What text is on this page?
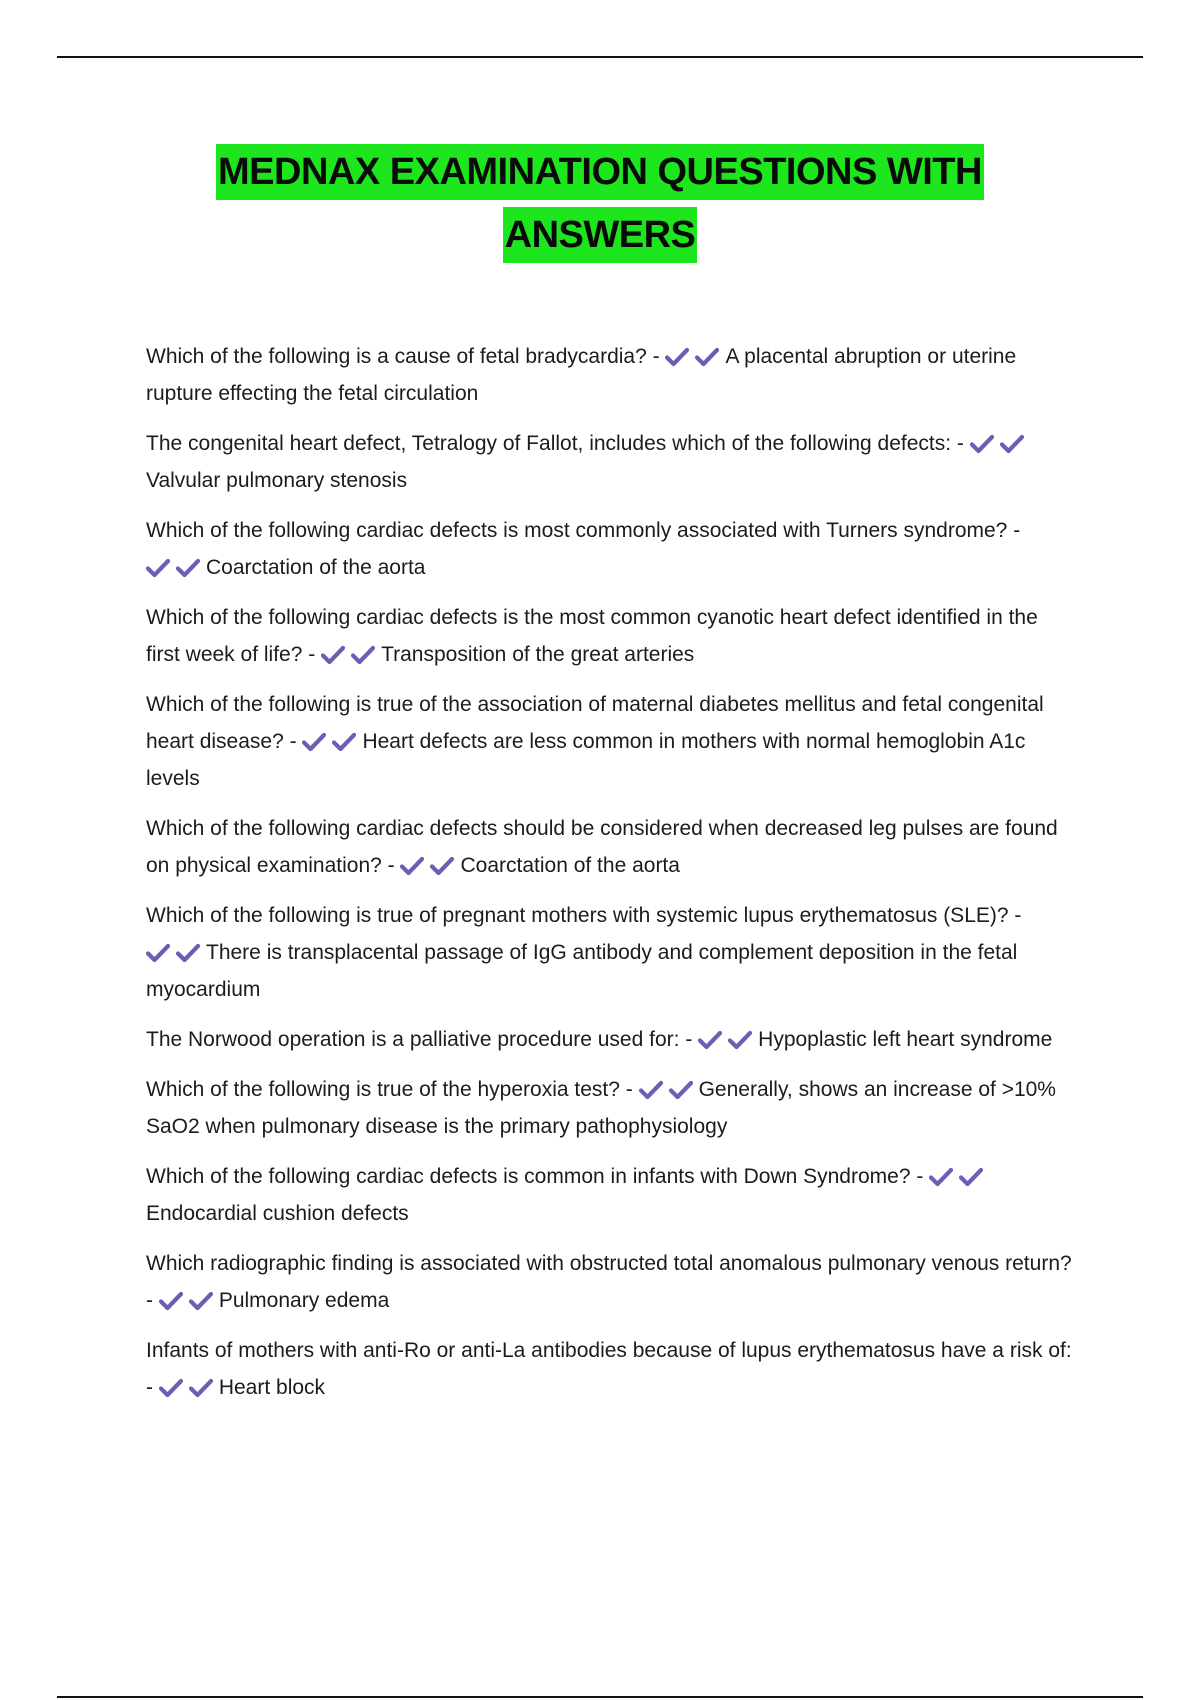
MEDNAX EXAMINATION QUESTIONS WITH
ANSWERS
Which of the following is a cause of fetal bradycardia? -	A placental abruption or uterine rupture effecting the fetal circulation
The congenital heart defect, Tetralogy of Fallot, includes which of the following defects: -
Valvular pulmonary stenosis
Which of the following cardiac defects is most commonly associated with Turners syndrome? -
Coarctation of the aorta
Which of the following cardiac defects is the most common cyanotic heart defect identified in the first week of life? -	Transposition of the great arteries
Which of the following is true of the association of maternal diabetes mellitus and fetal congenital heart disease? -	Heart defects are less common in mothers with normal hemoglobin A1c levels
Which of the following cardiac defects should be considered when decreased leg pulses are found on physical examination? -	Coarctation of the aorta
Which of the following is true of pregnant mothers with systemic lupus erythematosus (SLE)? -
There is transplacental passage of IgG antibody and complement deposition in the fetal myocardium
The Norwood operation is a palliative procedure used for: -	Hypoplastic left heart syndrome
Which of the following is true of the hyperoxia test? -	Generally, shows an increase of >10% SaO2 when pulmonary disease is the primary pathophysiology
Which of the following cardiac defects is common in infants with Down Syndrome? -
Endocardial cushion defects
Which radiographic finding is associated with obstructed total anomalous pulmonary venous return? -	Pulmonary edema
Infants of mothers with anti-Ro or anti-La antibodies because of lupus erythematosus have a risk of: -	Heart block
